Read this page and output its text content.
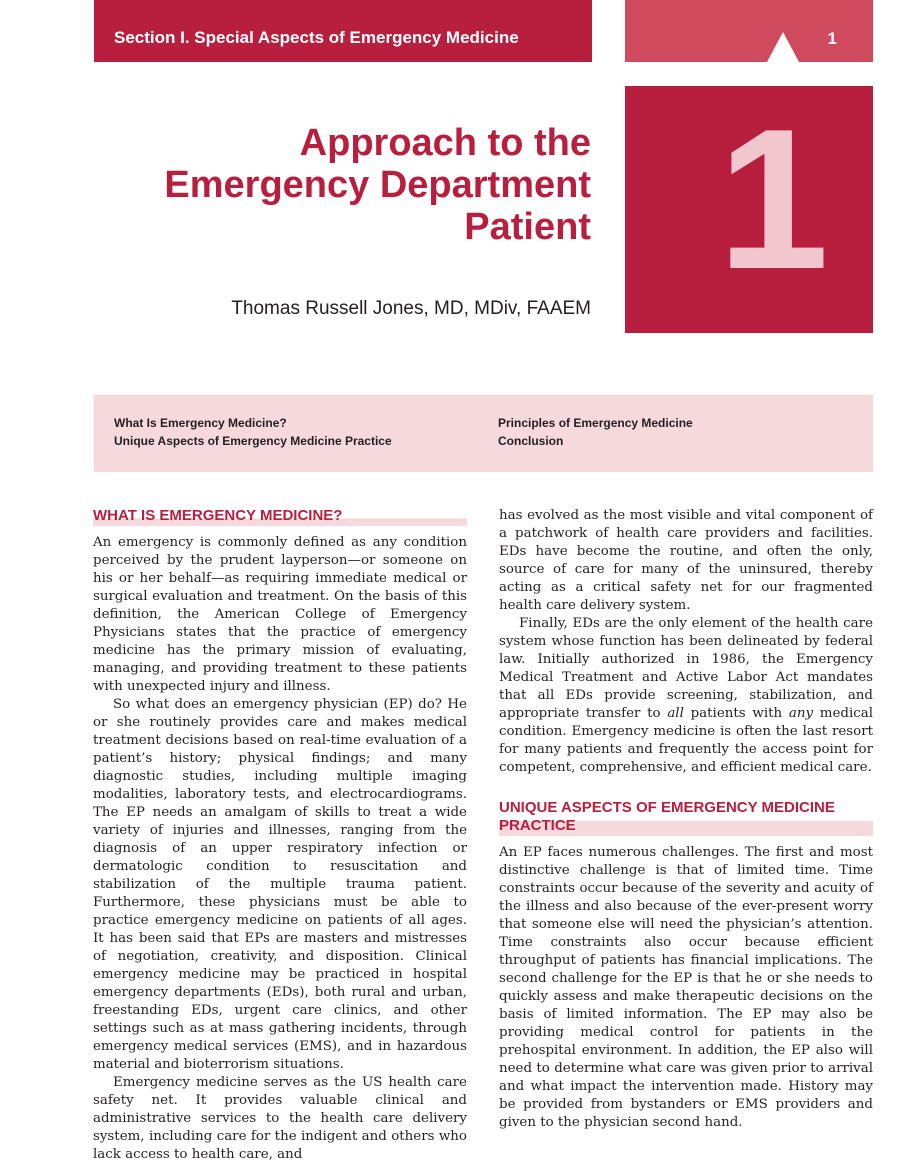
Section I. Special Aspects of Emergency Medicine	1
1
Approach to the
Emergency Department
Patient
Thomas Russell Jones, MD, MDiv, FAAEM
What Is Emergency Medicine?
Unique Aspects of Emergency Medicine Practice
Principles of Emergency Medicine
Conclusion
WHAT IS EMERGENCY MEDICINE?

An emergency is commonly defined as any condition perceived by the prudent layperson—or someone on his or her behalf—as requiring immediate medical or surgical evaluation and treatment. On the basis of this definition, the American College of Emergency Physicians states that the practice of emergency medicine has the primary mission of evaluating, managing, and providing treatment to these patients with unexpected injury and illness.

So what does an emergency physician (EP) do? He or she routinely provides care and makes medical treatment decisions based on real-time evaluation of a patient’s history; physical findings; and many diagnostic studies, including multiple imaging modalities, laboratory tests, and electrocardiograms. The EP needs an amalgam of skills to treat a wide variety of injuries and illnesses, ranging from the diagnosis of an upper respiratory infection or dermatologic condition to resuscitation and stabilization of the multiple trauma patient. Furthermore, these physicians must be able to practice emergency medicine on patients of all ages. It has been said that EPs are masters and mistresses of negotiation, creativity, and disposition. Clinical emergency medicine may be practiced in hospital emergency departments (EDs), both rural and urban, freestanding EDs, urgent care clinics, and other settings such as at mass gathering incidents, through emergency medical services (EMS), and in hazardous material and bioterrorism situations.

Emergency medicine serves as the US health care safety net. It provides valuable clinical and administrative services to the health care delivery system, including care for the indigent and others who lack access to health care, and

has evolved as the most visible and vital component of a patchwork of health care providers and facilities. EDs have become the routine, and often the only, source of care for many of the uninsured, thereby acting as a critical safety net for our fragmented health care delivery system.

Finally, EDs are the only element of the health care system whose function has been delineated by federal law. Initially authorized in 1986, the Emergency Medical Treatment and Active Labor Act mandates that all EDs provide screening, stabilization, and appropriate transfer to all patients with any medical condition. Emergency medicine is often the last resort for many patients and frequently the access point for competent, comprehensive, and efficient medical care.

UNIQUE ASPECTS OF EMERGENCY MEDICINE PRACTICE

An EP faces numerous challenges. The first and most distinctive challenge is that of limited time. Time constraints occur because of the severity and acuity of the illness and also because of the ever-present worry that someone else will need the physician’s attention. Time constraints also occur because efficient throughput of patients has financial implications. The second challenge for the EP is that he or she needs to quickly assess and make therapeutic decisions on the basis of limited information. The EP may also be providing medical control for patients in the prehospital environment. In addition, the EP also will need to determine what care was given prior to arrival and what impact the intervention made. History may be provided from bystanders or EMS providers and given to the physician second hand.
